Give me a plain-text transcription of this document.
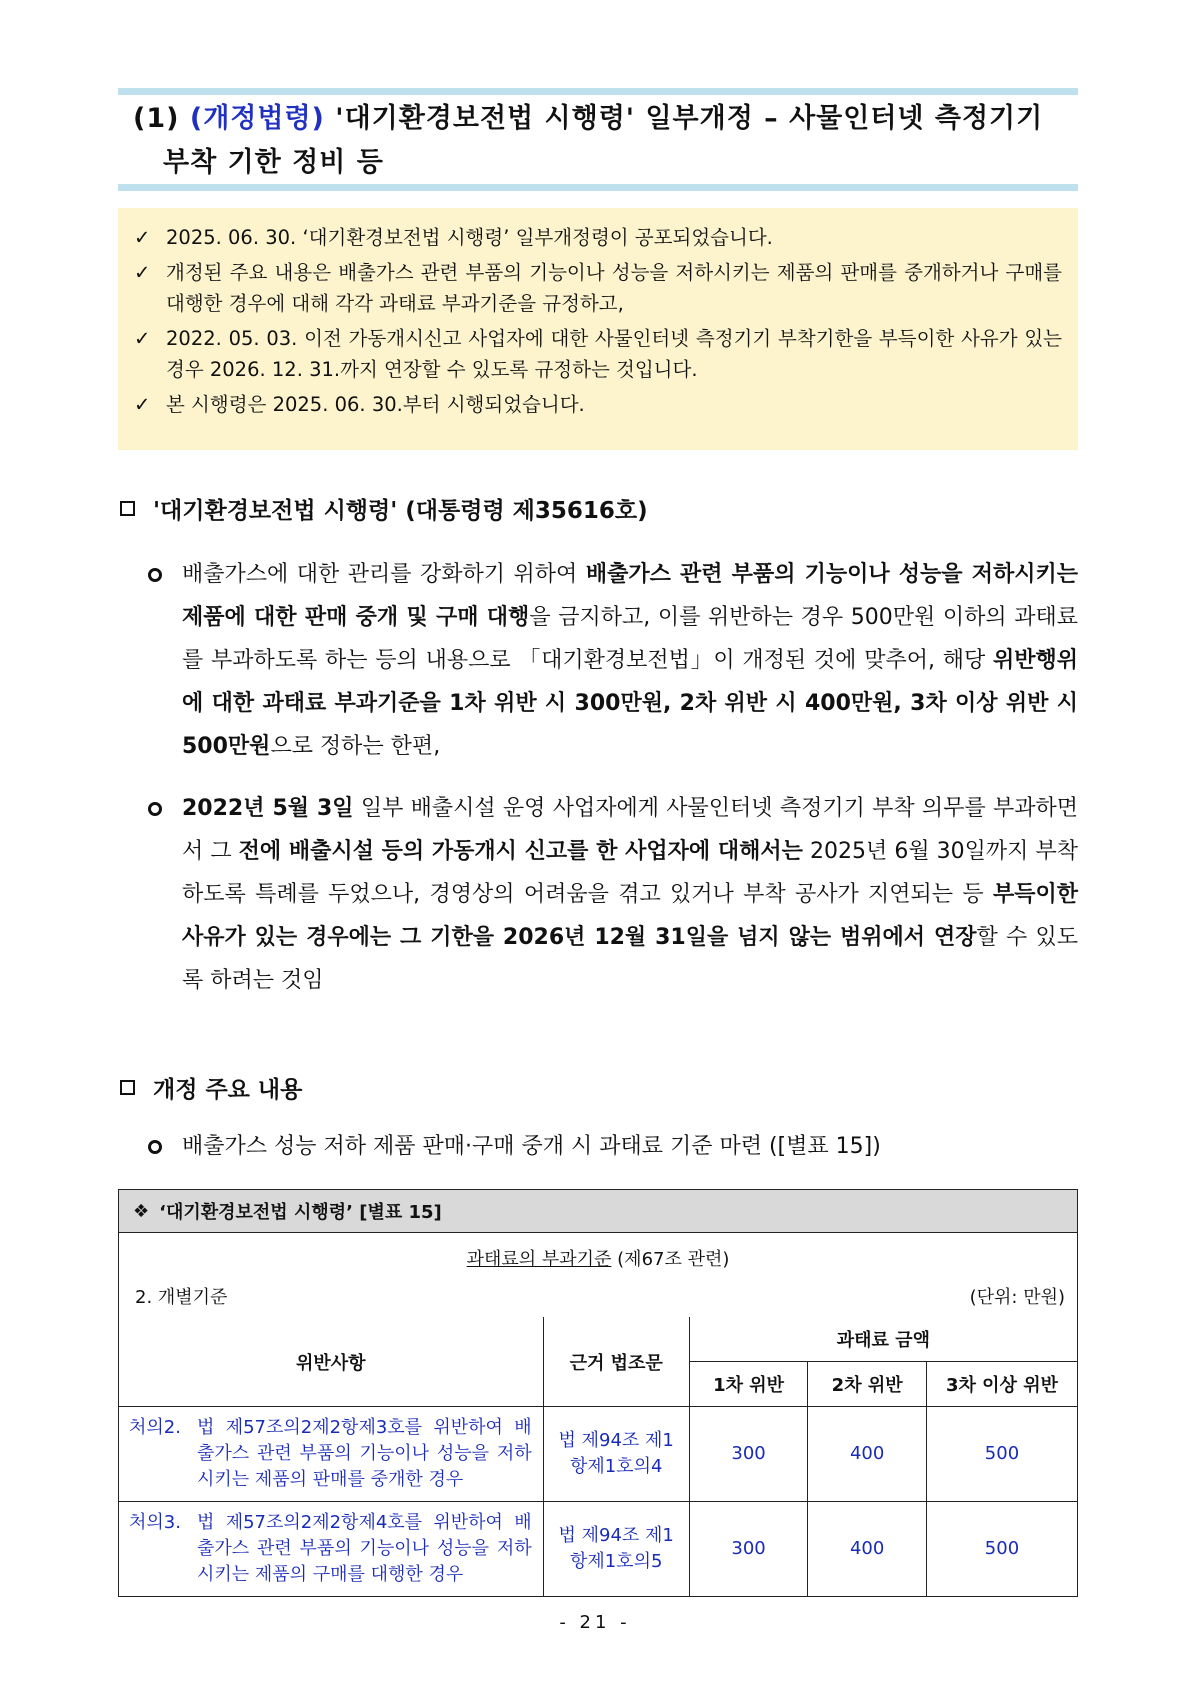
(1) (개정법령) '대기환경보전법 시행령' 일부개정 – 사물인터넷 측정기기
부착 기한 정비 등
✓ 2025. 06. 30. ‘대기환경보전법 시행령’ 일부개정령이 공포되었습니다.
✓ 개정된 주요 내용은 배출가스 관련 부품의 기능이나 성능을 저하시키는 제품의 판매를 중개하거나 구매를 대행한 경우에 대해 각각 과태료 부과기준을 규정하고,
✓ 2022. 05. 03. 이전 가동개시신고 사업자에 대한 사물인터넷 측정기기 부착기한을 부득이한 사유가 있는 경우 2026. 12. 31.까지 연장할 수 있도록 규정하는 것입니다.
✓ 본 시행령은 2025. 06. 30.부터 시행되었습니다.
'대기환경보전법 시행령' (대통령령 제35616호)
배출가스에 대한 관리를 강화하기 위하여 배출가스 관련 부품의 기능이나 성능을 저하시키는 제품에 대한 판매 중개 및 구매 대행을 금지하고, 이를 위반하는 경우 500만원 이하의 과태료를 부과하도록 하는 등의 내용으로 「대기환경보전법」이 개정된 것에 맞추어, 해당 위반행위에 대한 과태료 부과기준을 1차 위반 시 300만원, 2차 위반 시 400만원, 3차 이상 위반 시 500만원으로 정하는 한편,
2022년 5월 3일 일부 배출시설 운영 사업자에게 사물인터넷 측정기기 부착 의무를 부과하면서 그 전에 배출시설 등의 가동개시 신고를 한 사업자에 대해서는 2025년 6월 30일까지 부착하도록 특례를 두었으나, 경영상의 어려움을 겪고 있거나 부착 공사가 지연되는 등 부득이한 사유가 있는 경우에는 그 기한을 2026년 12월 31일을 넘지 않는 범위에서 연장할 수 있도록 하려는 것임
개정 주요 내용
배출가스 성능 저하 제품 판매·구매 중개 시 과태료 기준 마련 ([별표 15])
❖ ‘대기환경보전법 시행령’ [별표 15]
과태료의 부과기준 (제67조 관련)
2. 개별기준	(단위: 만원)
위반사항	근거 법조문	과태료 금액		
		1차 위반	2차 위반	3차 이상 위반

처의2. 법 제57조의2제2항제3호를 위반하여 배출가스 관련 부품의 기능이나 성능을 저하시키는 제품의 판매를 중개한 경우	법 제94조 제1항제1호의4	300	400	500

처의3. 법 제57조의2제2항제4호를 위반하여 배출가스 관련 부품의 기능이나 성능을 저하시키는 제품의 구매를 대행한 경우	법 제94조 제1항제1호의5	300	400	500
- 21 -
